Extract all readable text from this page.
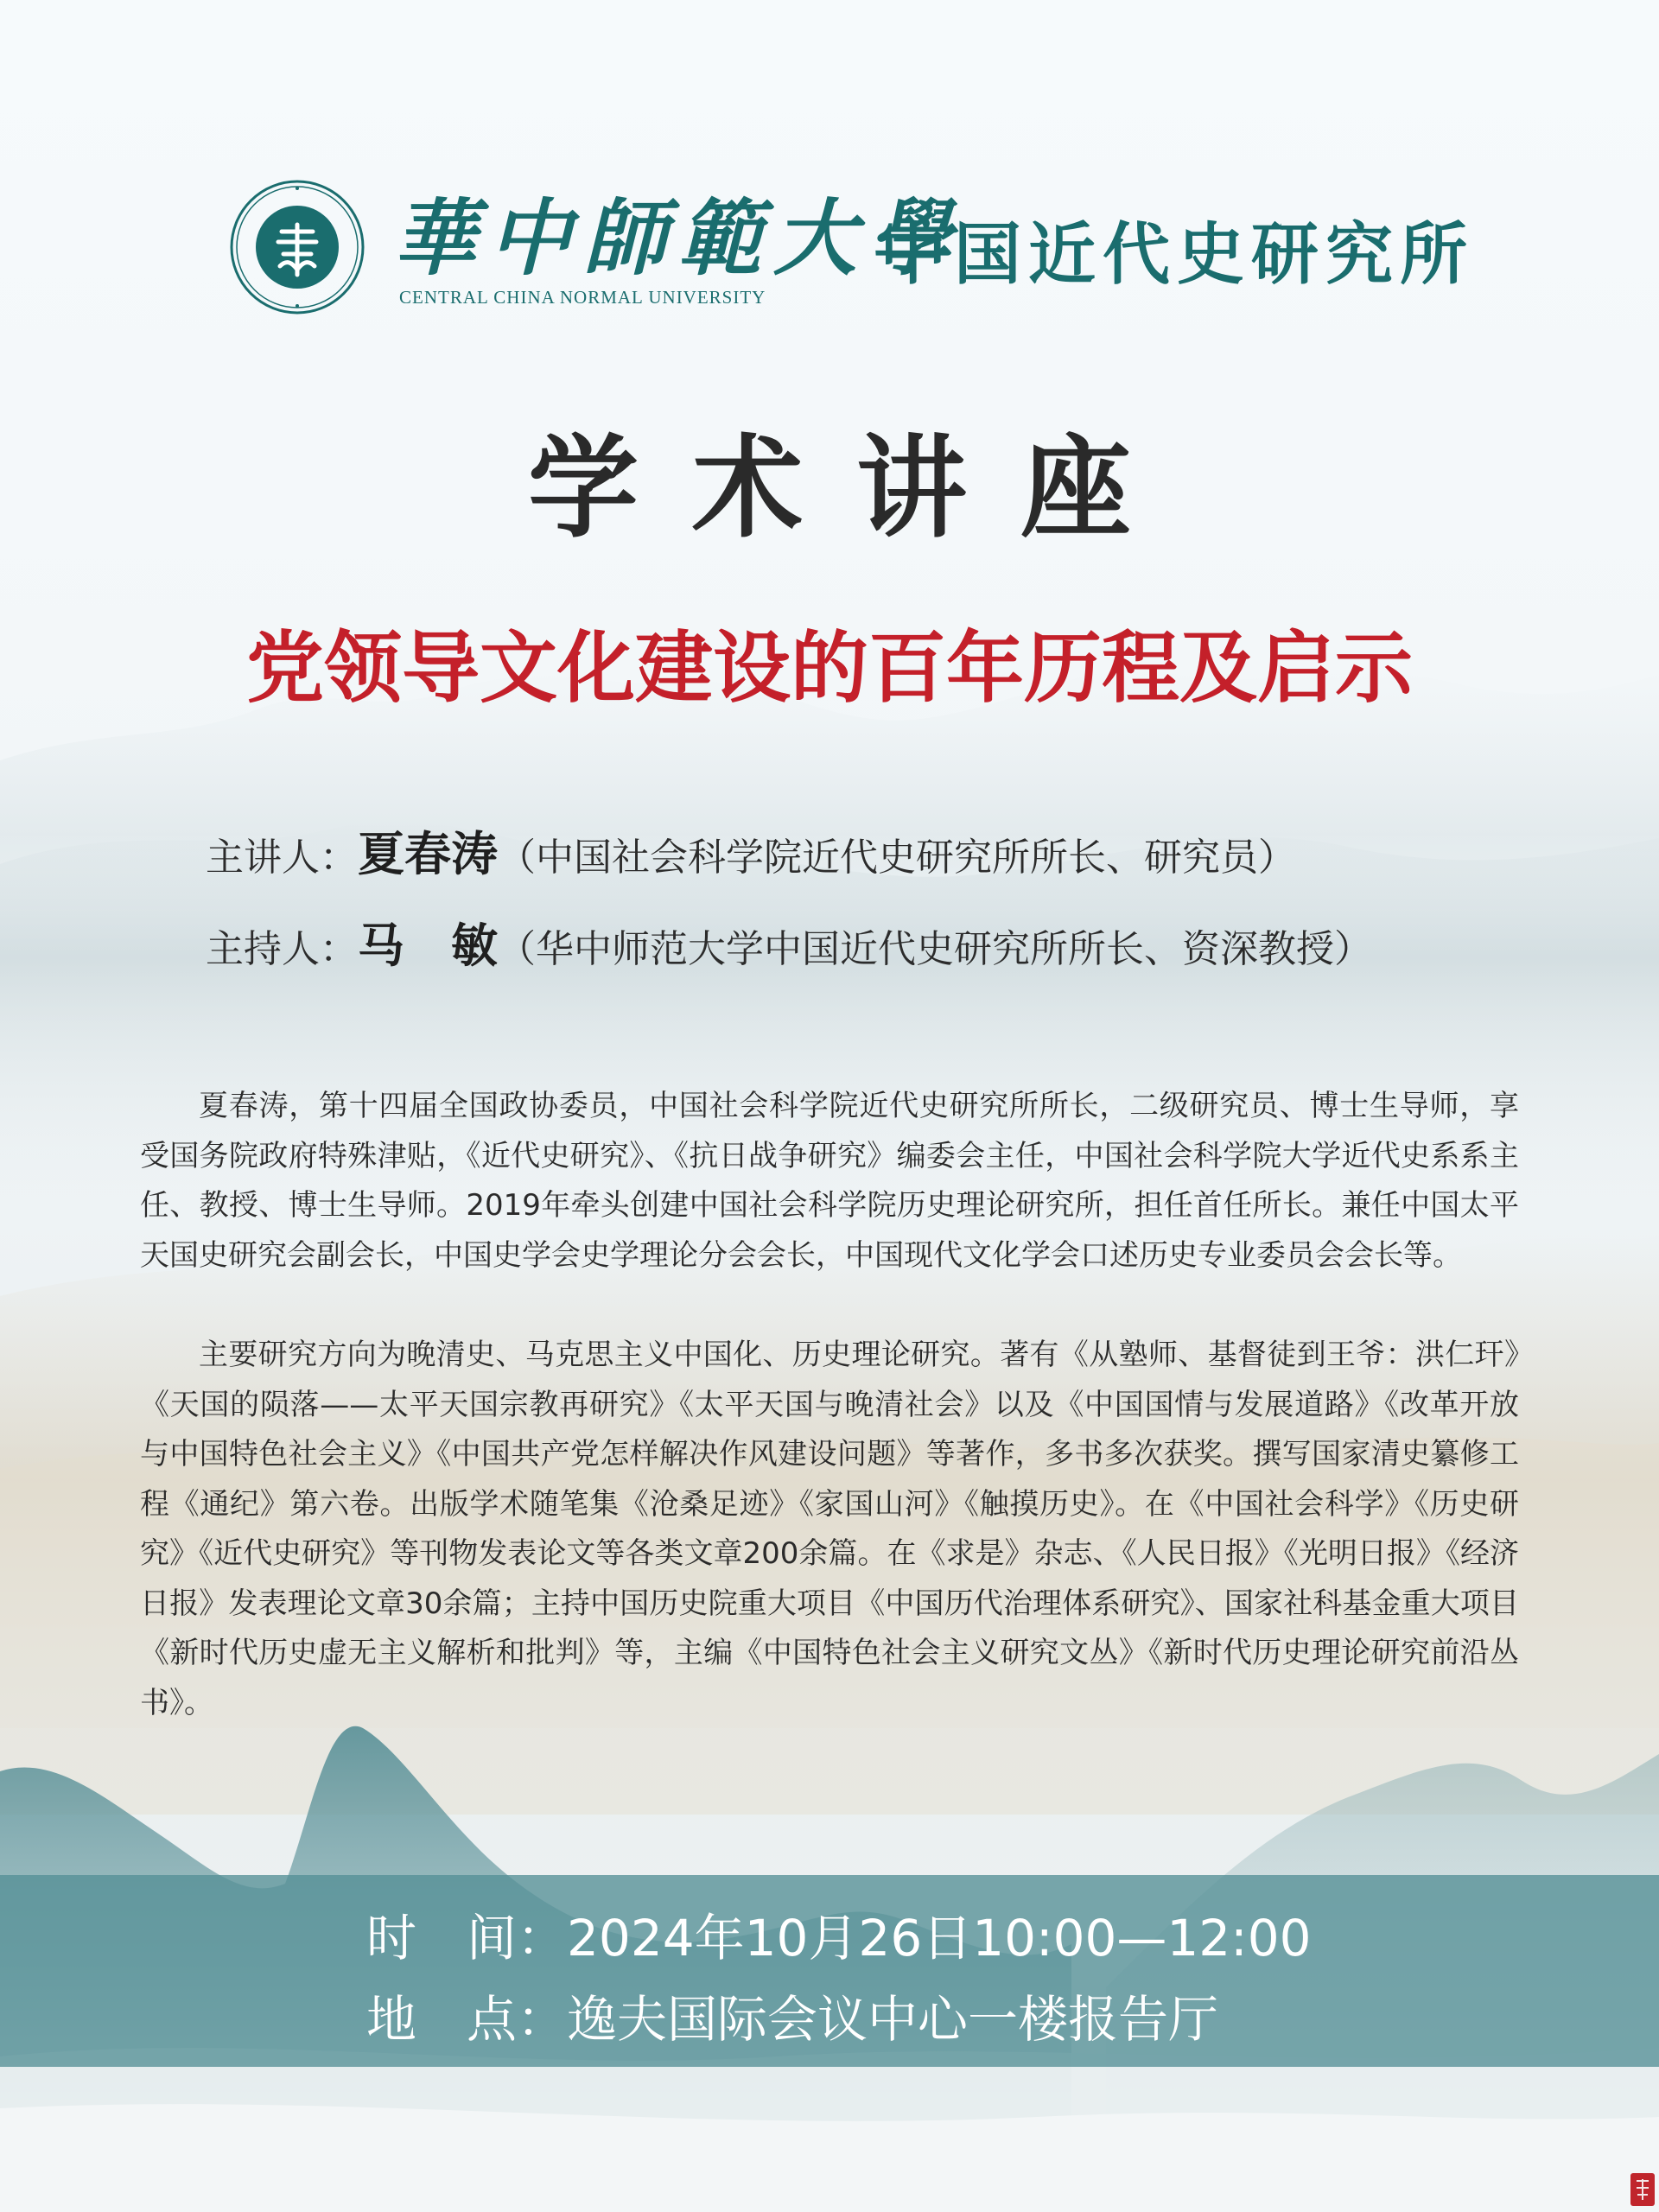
華中師範大學
CENTRAL CHINA NORMAL UNIVERSITY
中国近代史研究所
学术讲座
党领导文化建设的百年历程及启示
主讲人：夏春涛（中国社会科学院近代史研究所所长、研究员）
主持人：马　敏（华中师范大学中国近代史研究所所长、资深教授）

夏春涛，第十四届全国政协委员，中国社会科学院近代史研究所所长，二级研究员、博士生导师，享受国务院政府特殊津贴，《近代史研究》、《抗日战争研究》编委会主任，中国社会科学院大学近代史系系主任、教授、博士生导师。2019年牵头创建中国社会科学院历史理论研究所，担任首任所长。兼任中国太平天国史研究会副会长，中国史学会史学理论分会会长，中国现代文化学会口述历史专业委员会会长等。

主要研究方向为晚清史、马克思主义中国化、历史理论研究。著有《从塾师、基督徒到王爷：洪仁玕》《天国的陨落——太平天国宗教再研究》《太平天国与晚清社会》以及《中国国情与发展道路》《改革开放与中国特色社会主义》《中国共产党怎样解决作风建设问题》等著作，多书多次获奖。撰写国家清史纂修工程《通纪》第六卷。出版学术随笔集《沧桑足迹》《家国山河》《触摸历史》。在《中国社会科学》《历史研究》《近代史研究》等刊物发表论文等各类文章200余篇。在《求是》杂志、《人民日报》《光明日报》《经济日报》发表理论文章30余篇；主持中国历史院重大项目《中国历代治理体系研究》、国家社科基金重大项目《新时代历史虚无主义解析和批判》等，主编《中国特色社会主义研究文丛》《新时代历史理论研究前沿丛书》。

时　间：2024年10月26日10:00—12:00
地　点：逸夫国际会议中心一楼报告厅
